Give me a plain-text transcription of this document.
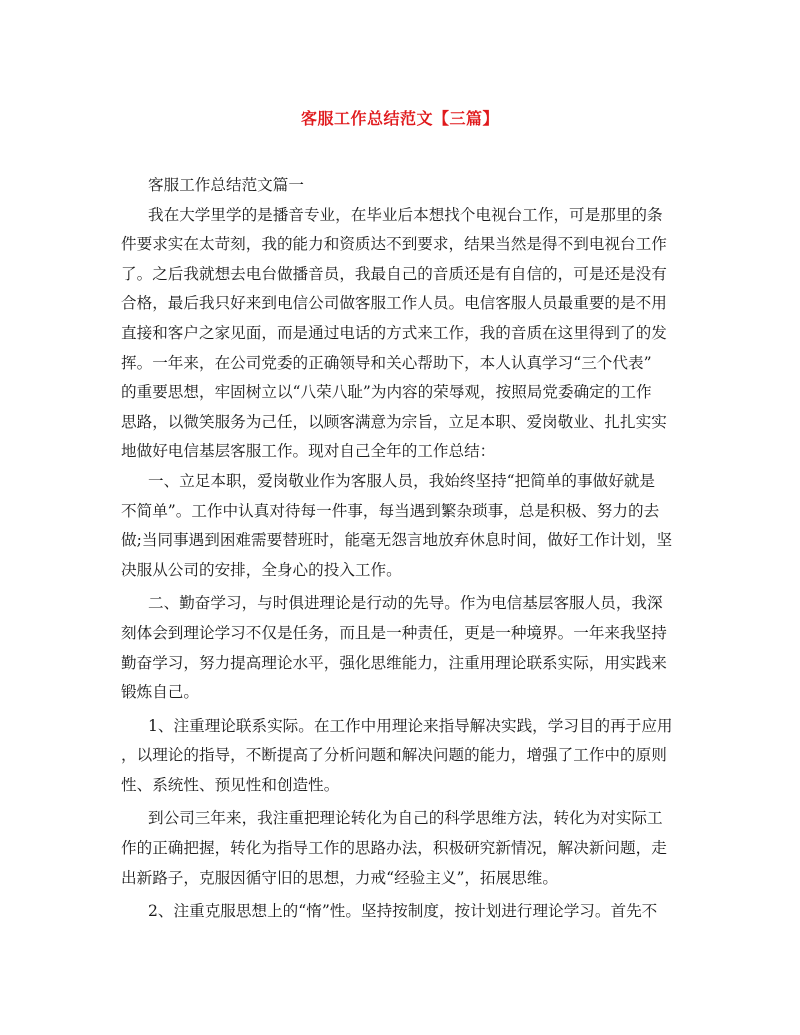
客服工作总结范文【三篇】
客服工作总结范文篇一
我在大学里学的是播音专业，在毕业后本想找个电视台工作，可是那里的条
件要求实在太苛刻，我的能力和资质达不到要求，结果当然是得不到电视台工作
了。之后我就想去电台做播音员，我最自己的音质还是有自信的，可是还是没有
合格，最后我只好来到电信公司做客服工作人员。电信客服人员最重要的是不用
直接和客户之家见面，而是通过电话的方式来工作，我的音质在这里得到了的发
挥。一年来，在公司党委的正确领导和关心帮助下，本人认真学习“三个代表”
的重要思想，牢固树立以“八荣八耻”为内容的荣辱观，按照局党委确定的工作
思路，以微笑服务为己任，以顾客满意为宗旨，立足本职、爱岗敬业、扎扎实实
地做好电信基层客服工作。现对自己全年的工作总结：
一、立足本职，爱岗敬业作为客服人员，我始终坚持“把简单的事做好就是
不简单”。工作中认真对待每一件事，每当遇到繁杂琐事，总是积极、努力的去
做;当同事遇到困难需要替班时，能毫无怨言地放弃休息时间，做好工作计划，坚
决服从公司的安排，全身心的投入工作。
二、勤奋学习，与时俱进理论是行动的先导。作为电信基层客服人员，我深
刻体会到理论学习不仅是任务，而且是一种责任，更是一种境界。一年来我坚持
勤奋学习，努力提高理论水平，强化思维能力，注重用理论联系实际，用实践来
锻炼自己。
1、注重理论联系实际。在工作中用理论来指导解决实践，学习目的再于应用
，以理论的指导，不断提高了分析问题和解决问题的能力，增强了工作中的原则
性、系统性、预见性和创造性。
到公司三年来，我注重把理论转化为自己的科学思维方法，转化为对实际工
作的正确把握，转化为指导工作的思路办法，积极研究新情况，解决新问题，走
出新路子，克服因循守旧的思想，力戒“经验主义”，拓展思维。
2、注重克服思想上的“惰”性。坚持按制度，按计划进行理论学习。首先不
